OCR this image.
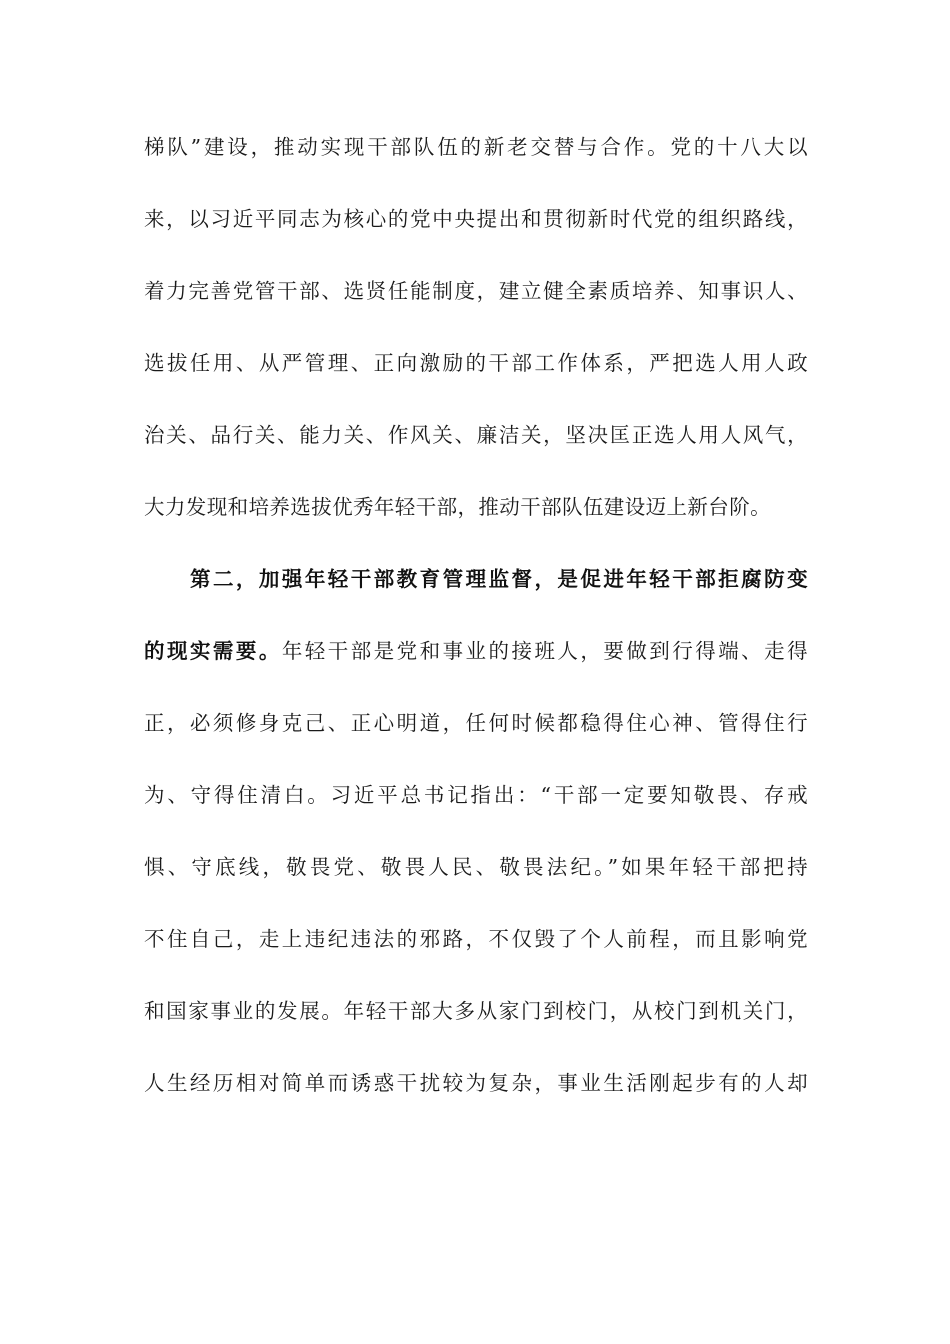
梯队”建设，推动实现干部队伍的新老交替与合作。党的十八大以
来，以习近平同志为核心的党中央提出和贯彻新时代党的组织路线，
着力完善党管干部、选贤任能制度，建立健全素质培养、知事识人、
选拔任用、从严管理、正向激励的干部工作体系，严把选人用人政
治关、品行关、能力关、作风关、廉洁关，坚决匡正选人用人风气，
大力发现和培养选拔优秀年轻干部，推动干部队伍建设迈上新台阶。
第二，加强年轻干部教育管理监督，是促进年轻干部拒腐防变
的现实需要。年轻干部是党和事业的接班人，要做到行得端、走得
正，必须修身克己、正心明道，任何时候都稳得住心神、管得住行
为、守得住清白。习近平总书记指出：“干部一定要知敬畏、存戒
惧、守底线，敬畏党、敬畏人民、敬畏法纪。”如果年轻干部把持
不住自己，走上违纪违法的邪路，不仅毁了个人前程，而且影响党
和国家事业的发展。年轻干部大多从家门到校门，从校门到机关门，
人生经历相对简单而诱惑干扰较为复杂，事业生活刚起步有的人却
